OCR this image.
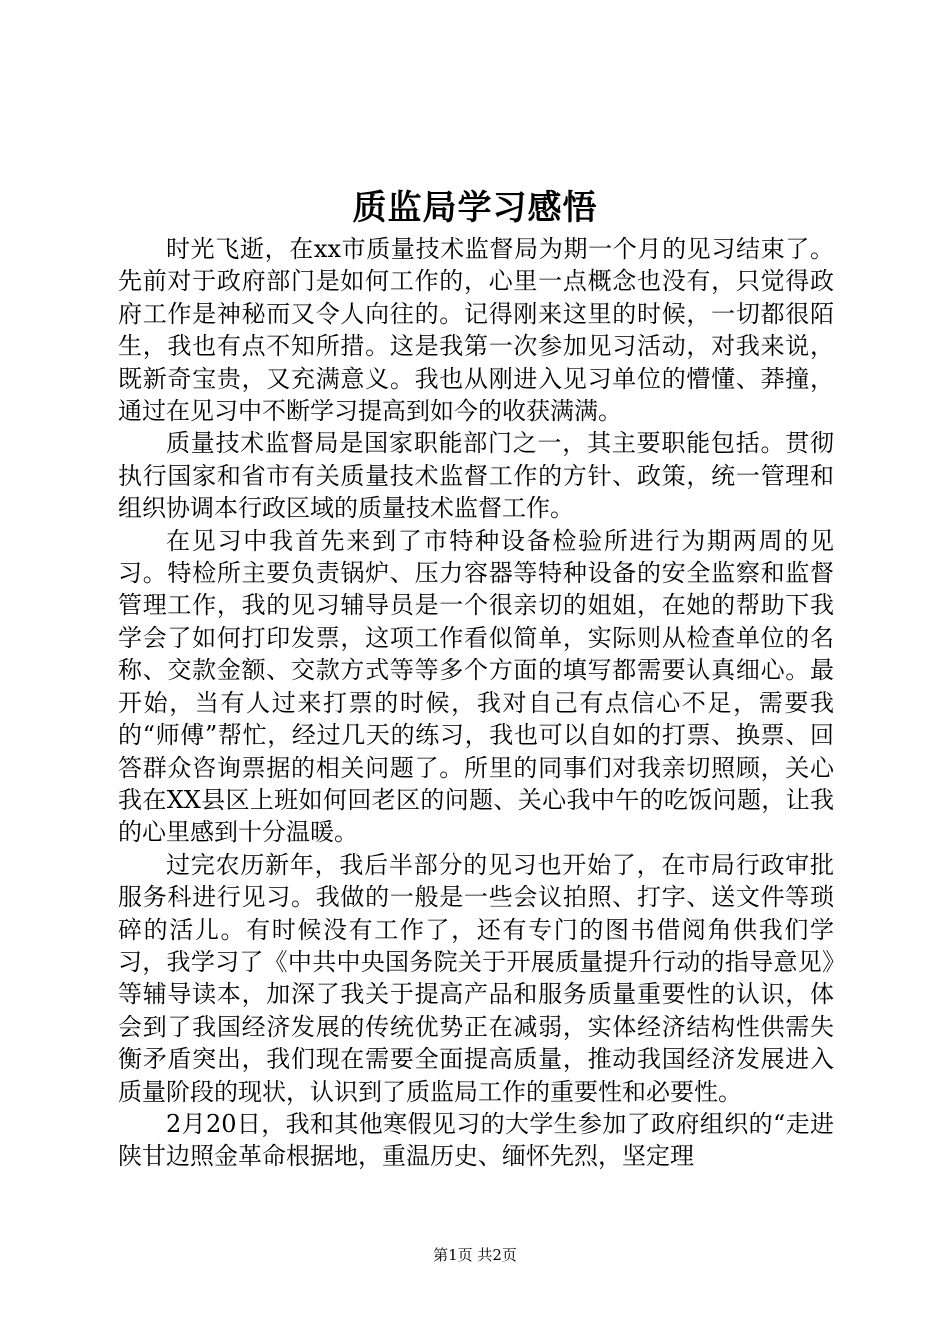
质监局学习感悟

时光飞逝，在xx市质量技术监督局为期一个月的见习结束了。先前对于政府部门是如何工作的，心里一点概念也没有，只觉得政府工作是神秘而又令人向往的。记得刚来这里的时候，一切都很陌生，我也有点不知所措。这是我第一次参加见习活动，对我来说，既新奇宝贵，又充满意义。我也从刚进入见习单位的懵懂、莽撞，通过在见习中不断学习提高到如今的收获满满。

质量技术监督局是国家职能部门之一，其主要职能包括。贯彻执行国家和省市有关质量技术监督工作的方针、政策，统一管理和组织协调本行政区域的质量技术监督工作。

在见习中我首先来到了市特种设备检验所进行为期两周的见习。特检所主要负责锅炉、压力容器等特种设备的安全监察和监督管理工作，我的见习辅导员是一个很亲切的姐姐，在她的帮助下我学会了如何打印发票，这项工作看似简单，实际则从检查单位的名称、交款金额、交款方式等等多个方面的填写都需要认真细心。最开始，当有人过来打票的时候，我对自己有点信心不足，需要我的“师傅”帮忙，经过几天的练习，我也可以自如的打票、换票、回答群众咨询票据的相关问题了。所里的同事们对我亲切照顾，关心我在XX县区上班如何回老区的问题、关心我中午的吃饭问题，让我的心里感到十分温暖。

过完农历新年，我后半部分的见习也开始了，在市局行政审批服务科进行见习。我做的一般是一些会议拍照、打字、送文件等琐碎的活儿。有时候没有工作了，还有专门的图书借阅角供我们学习，我学习了《中共中央国务院关于开展质量提升行动的指导意见》等辅导读本，加深了我关于提高产品和服务质量重要性的认识，体会到了我国经济发展的传统优势正在减弱，实体经济结构性供需失衡矛盾突出，我们现在需要全面提高质量，推动我国经济发展进入质量阶段的现状，认识到了质监局工作的重要性和必要性。

2月20日，我和其他寒假见习的大学生参加了政府组织的“走进陕甘边照金革命根据地，重温历史、缅怀先烈，坚定理

第1页 共2页
